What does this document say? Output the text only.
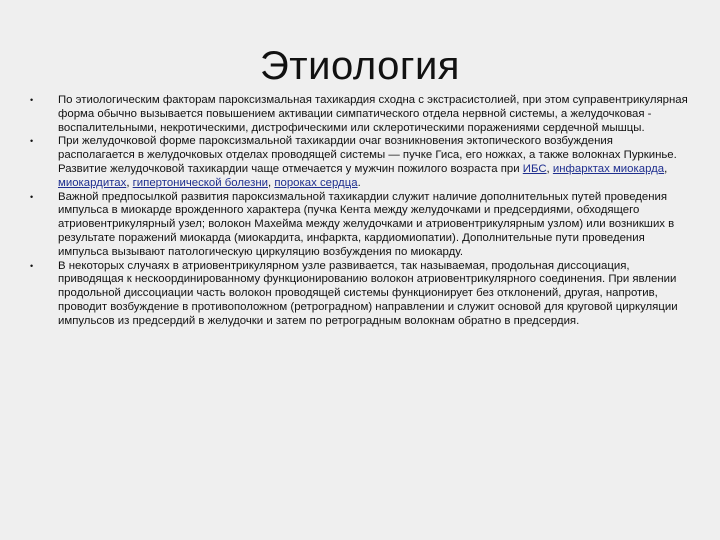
Этиология

• По этиологическим факторам пароксизмальная тахикардия сходна с экстрасистолией, при этом суправентрикулярная форма обычно вызывается повышением активации симпатического отдела нервной системы, а желудочковая - воспалительными, некротическими, дистрофическими или склеротическими поражениями сердечной мышцы.

• При желудочковой форме пароксизмальной тахикардии очаг возникновения эктопического возбуждения располагается в желудочковых отделах проводящей системы — пучке Гиса, его ножках, а также волокнах Пуркинье. Развитие желудочковой тахикардии чаще отмечается у мужчин пожилого возраста при ИБС, инфарктах миокарда, миокардитах, гипертонической болезни, пороках сердца.

• Важной предпосылкой развития пароксизмальной тахикардии служит наличие дополнительных путей проведения импульса в миокарде врожденного характера (пучка Кента между желудочками и предсердиями, обходящего атриовентрикулярный узел; волокон Махейма между желудочками и атриовентрикулярным узлом) или возникших в результате поражений миокарда (миокардита, инфаркта, кардиомиопатии). Дополнительные пути проведения импульса вызывают патологическую циркуляцию возбуждения по миокарду.

• В некоторых случаях в атриовентрикулярном узле развивается, так называемая, продольная диссоциация, приводящая к нескоординированному функционированию волокон атриовентрикулярного соединения. При явлении продольной диссоциации часть волокон проводящей системы функционирует без отклонений, другая, напротив, проводит возбуждение в противоположном (ретроградном) направлении и служит основой для круговой циркуляции импульсов из предсердий в желудочки и затем по ретроградным волокнам обратно в предсердия.
